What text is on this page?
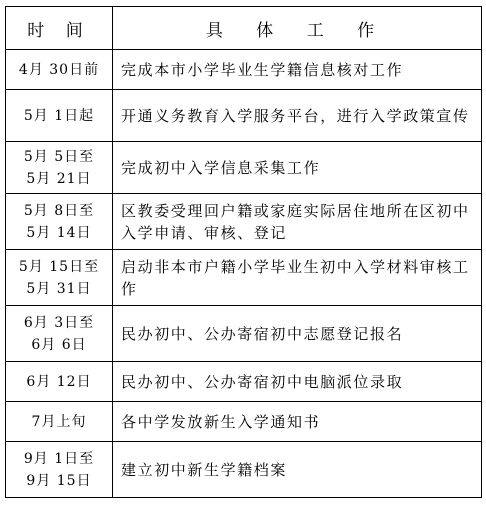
时 间	具 体 工 作
4月 30日前	完成本市小学毕业生学籍信息核对工作
5月 1日起	开通义务教育入学服务平台，进行入学政策宣传
5月 5日至
5月 21日	完成初中入学信息采集工作
5月 8日至
5月 14日	区教委受理回户籍或家庭实际居住地所在区初中入学申请、审核、登记
5月 15日至
5月 31日	启动非本市户籍小学毕业生初中入学材料审核工作
6月 3日至
6月 6日	民办初中、公办寄宿初中志愿登记报名
6月 12日	民办初中、公办寄宿初中电脑派位录取
7月上旬	各中学发放新生入学通知书
9月 1日至
9月 15日	建立初中新生学籍档案
